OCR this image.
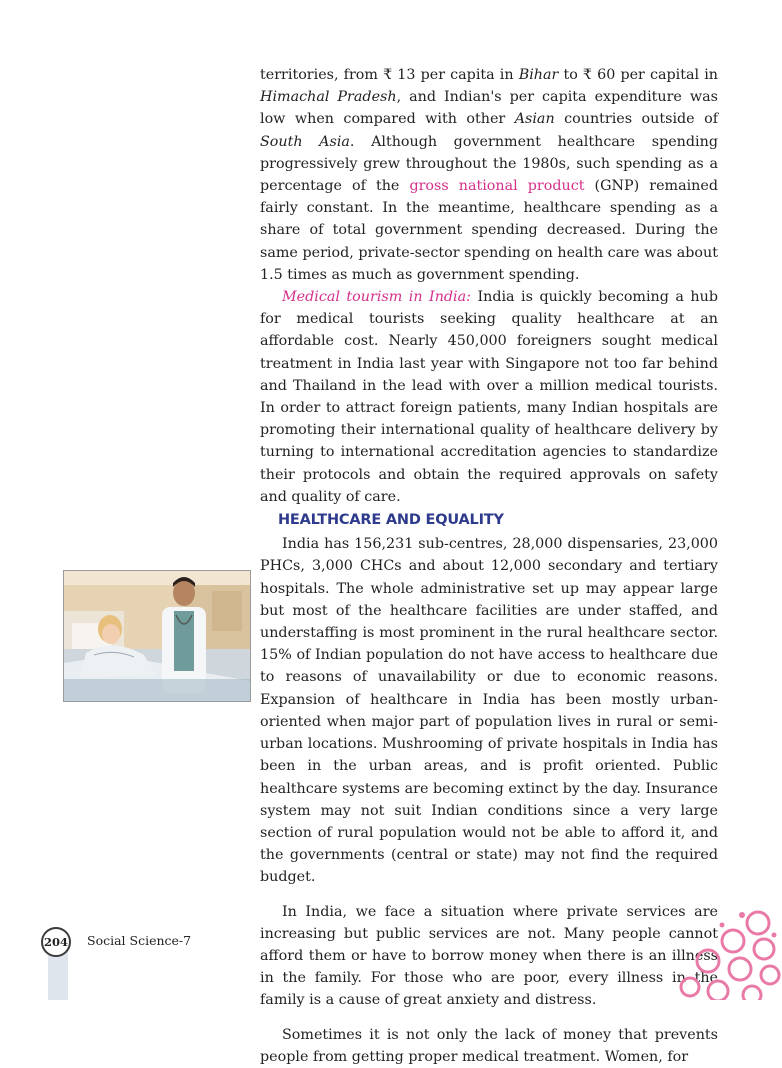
territories, from ₹ 13 per capita in Bihar to ₹ 60 per capital in Himachal Pradesh, and Indian's per capita expenditure was low when compared with other Asian countries outside of South Asia. Although government healthcare spending progressively grew throughout the 1980s, such spending as a percentage of the gross national product (GNP) remained fairly constant. In the meantime, healthcare spending as a share of total government spending decreased. During the same period, private-sector spending on health care was about 1.5 times as much as government spending.

Medical tourism in India: India is quickly becoming a hub for medical tourists seeking quality healthcare at an affordable cost. Nearly 450,000 foreigners sought medical treatment in India last year with Singapore not too far behind and Thailand in the lead with over a million medical tourists. In order to attract foreign patients, many Indian hospitals are promoting their international quality of healthcare delivery by turning to international accreditation agencies to standardize their protocols and obtain the required approvals on safety and quality of care.

HEALTHCARE AND EQUALITY

India has 156,231 sub-centres, 28,000 dispensaries, 23,000 PHCs, 3,000 CHCs and about 12,000 secondary and tertiary hospitals. The whole administrative set up may appear large but most of the healthcare facilities are under staffed, and understaffing is most prominent in the rural healthcare sector. 15% of Indian population do not have access to healthcare due to reasons of unavailability or due to economic reasons. Expansion of healthcare in India has been mostly urban-oriented when major part of population lives in rural or semi-urban locations. Mushrooming of private hospitals in India has been in the urban areas, and is profit oriented. Public healthcare systems are becoming extinct by the day. Insurance system may not suit Indian conditions since a very large section of rural population would not be able to afford it, and the governments (central or state) may not find the required budget.

In India, we face a situation where private services are increasing but public services are not. Many people cannot afford them or have to borrow money when there is an illness in the family. For those who are poor, every illness in the family is a cause of great anxiety and distress.

Sometimes it is not only the lack of money that prevents people from getting proper medical treatment. Women, for

204 Social Science-7
